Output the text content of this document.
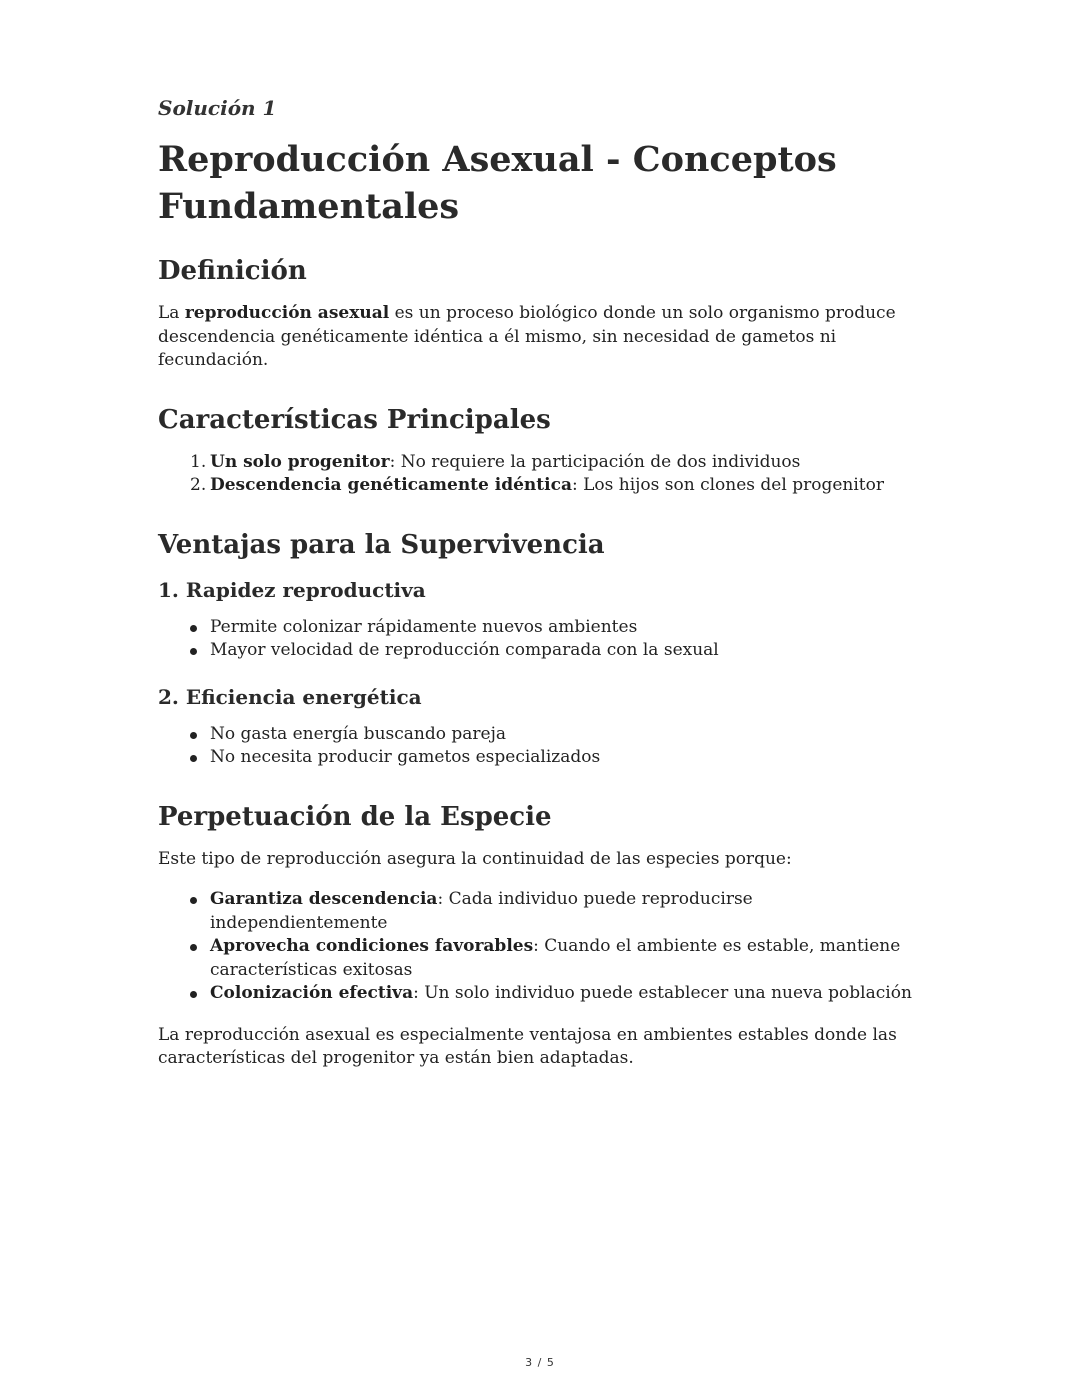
Solución 1
Reproducción Asexual - Conceptos Fundamentales
Definición

La reproducción asexual es un proceso biológico donde un solo organismo produce descendencia genéticamente idéntica a él mismo, sin necesidad de gametos ni fecundación.

Características Principales
1. Un solo progenitor: No requiere la participación de dos individuos
2. Descendencia genéticamente idéntica: Los hijos son clones del progenitor
Ventajas para la Supervivencia
1. Rapidez reproductiva
Permite colonizar rápidamente nuevos ambientes
Mayor velocidad de reproducción comparada con la sexual
2. Eficiencia energética
No gasta energía buscando pareja
No necesita producir gametos especializados
Perpetuación de la Especie

Este tipo de reproducción asegura la continuidad de las especies porque:

Garantiza descendencia: Cada individuo puede reproducirse independientemente
Aprovecha condiciones favorables: Cuando el ambiente es estable, mantiene características exitosas
Colonización efectiva: Un solo individuo puede establecer una nueva población

La reproducción asexual es especialmente ventajosa en ambientes estables donde las características del progenitor ya están bien adaptadas.

3 / 5
